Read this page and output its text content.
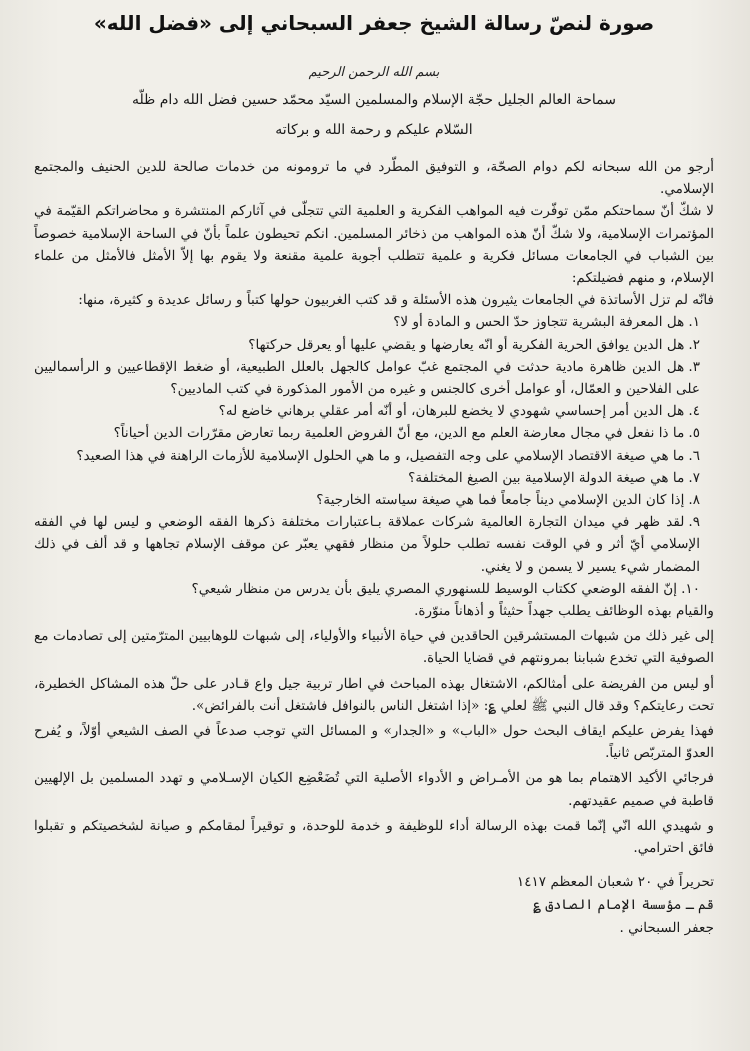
صورة لنصّ رسالة الشيخ جعفر السبحاني إلى «فضل الله»
بسم الله الرحمن الرحيم
سماحة العالم الجليل حجّة الإسلام والمسلمين السيّد محمّد حسين فضل الله دام ظلّه
السّلام عليكم و رحمة الله و بركاته

أرجو من الله سبحانه لكم دوام الصحّة، و التوفيق المطّرد في ما ترومونه من خدمات صالحة للدين الحنيف والمجتمع الإسلامي.

لا شكّ أنّ سماحتكم ممّن توفّرت فيه المواهب الفكرية و العلمية التي تتجلّى في آثاركم المنتشرة و محاضراتكم القيّمة في المؤتمرات الإسلامية، ولا شكّ أنّ هذه المواهب من ذخائر المسلمين. انكم تحيطون علماً بأنّ في الساحة الإسلامية خصوصاً بين الشباب في الجامعات مسائل فكرية و علمية تتطلب أجوبة علمية مقنعة ولا يقوم بها إلاّ الأمثل فالأمثل من علماء الإسلام، و منهم فضيلتكم:

فانّه لم تزل الأساتذة في الجامعات يثيرون هذه الأسئلة و قد كتب الغربيون حولها كتباً و رسائل عديدة و كثيرة، منها:

١.هل المعرفة البشرية تتجاوز حدّ الحس و المادة أو لا؟
٢.هل الدين يوافق الحرية الفكرية أو انّه يعارضها و يقضي عليها أو يعرقل حركتها؟
٣.هل الدين ظاهرة مادية حدثت في المجتمع غبّ عوامل كالجهل بالعلل الطبيعية، أو ضغط الإقطاعيين و الرأسماليين على الفلاحين و العمّال، أو عوامل أخرى كالجنس و غيره من الأمور المذكورة في كتب الماديين؟
٤.هل الدين أمر إحساسي شهودي لا يخضع للبرهان، أو أنّه أمر عقلي برهاني خاضع له؟
٥.ما ذا نفعل في مجال معارضة العلم مع الدين، مع أنّ الفروض العلمية ربما تعارض مقرّرات الدين أحياناً؟
٦.ما هي صيغة الاقتصاد الإسلامي على وجه التفصيل، و ما هي الحلول الإسلامية للأزمات الراهنة في هذا الصعيد؟
٧.ما هي صيغة الدولة الإسلامية بين الصيغ المختلفة؟
٨.إذا كان الدين الإسلامي ديناً جامعاً فما هي صيغة سياسته الخارجية؟
٩.لقد ظهر في ميدان التجارة العالمية شركات عملاقة بـاعتبارات مختلفة ذكرها الفقه الوضعي و ليس لها في الفقه الإسلامي أيّ أثر و في الوقت نفسه تطلب حلولاً من منظار فقهي يعبّر عن موقف الإسلام تجاهها و قد ألف في ذلك المضمار شيء يسير لا يسمن و لا يغني.
١٠.إنّ الفقه الوضعي ككتاب الوسيط للسنهوري المصري يليق بأن يدرس من منظار شيعي؟

والقيام بهذه الوظائف يطلب جهداً حثيثاً و أذهاناً منوّرة.

إلى غير ذلك من شبهات المستشرقين الحاقدين في حياة الأنبياء والأولياء، إلى شبهات للوهابيين المترّمتين إلى تصادمات مع الصوفية التي تخدع شبابنا بمرونتهم في قضايا الحياة.

أو ليس من الفريضة على أمثالكم، الاشتغال بهذه المباحث في اطار تربية جيل واع قـادر على حلّ هذه المشاكل الخطيرة، تحت رعايتكم؟ وقد قال النبي ﷺ لعلي ؏: «إذا اشتغل الناس بالنوافل فاشتغل أنت بالفرائض».

فهذا يفرض عليكم ايقاف البحث حول «الباب» و «الجدار» و المسائل التي توجب صدعاً في الصف الشيعي أوّلاً، و يُفرح العدوّ المتربّص ثانياً.

فرجائي الأكيد الاهتمام بما هو من الأمـراض و الأدواء الأصلية التي تُضَعْضِع الكيان الإسـلامي و تهدد المسلمين بل الإلهيين قاطبة في صميم عقيدتهم.

و شهيدي الله انّي إنّما قمت بهذه الرسالة أداء للوظيفة و خدمة للوحدة، و توقيراً لمقامكم و صيانة لشخصيتكم و تقبلوا فائق احترامي.

تحريراً في ٢٠ شعبان المعظم ١٤١٧
قم ـ مؤسسة الإمام الصادق ؏
جعفر السبحاني .
